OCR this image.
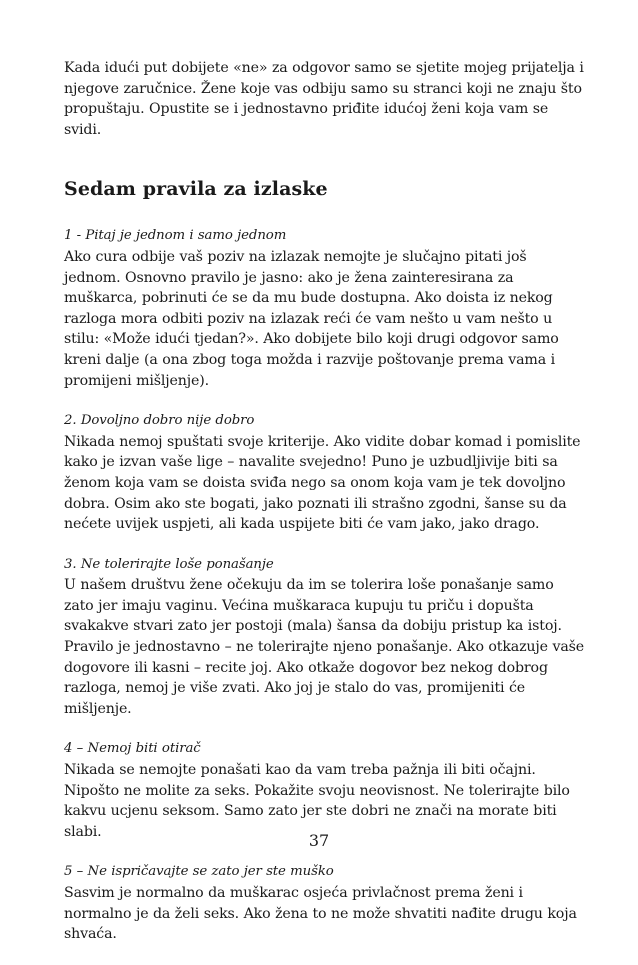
Kada idući put dobijete «ne» za odgovor samo se sjetite mojeg prijatelja i njegove zaručnice. Žene koje vas odbiju samo su stranci koji ne znaju što propuštaju. Opustite se i jednostavno priđite idućoj ženi koja vam se svidi.

Sedam pravila za izlaske

1 - Pitaj je jednom i samo jednom

Ako cura odbije vaš poziv na izlazak nemojte je slučajno pitati još jednom. Osnovno pravilo je jasno: ako je žena zainteresirana za muškarca, pobrinuti će se da mu bude dostupna. Ako doista iz nekog razloga mora odbiti poziv na izlazak reći će vam nešto u vam nešto u stilu: «Može idući tjedan?». Ako dobijete bilo koji drugi odgovor samo kreni dalje (a ona zbog toga možda i razvije poštovanje prema vama i promijeni mišljenje).

2. Dovoljno dobro nije dobro

Nikada nemoj spuštati svoje kriterije. Ako vidite dobar komad i pomislite kako je izvan vaše lige – navalite svejedno! Puno je uzbudljivije biti sa ženom koja vam se doista sviđa nego sa onom koja vam je tek dovoljno dobra. Osim ako ste bogati, jako poznati ili strašno zgodni, šanse su da nećete uvijek uspjeti, ali kada uspijete biti će vam jako, jako drago.

3. Ne tolerirajte loše ponašanje

U našem društvu žene očekuju da im se tolerira loše ponašanje samo zato jer imaju vaginu. Većina muškaraca kupuju tu priču i dopušta svakakve stvari zato jer postoji (mala) šansa da dobiju pristup ka istoj. Pravilo je jednostavno – ne tolerirajte njeno ponašanje. Ako otkazuje vaše dogovore ili kasni – recite joj. Ako otkaže dogovor bez nekog dobrog razloga, nemoj je više zvati. Ako joj je stalo do vas, promijeniti će mišljenje.

4 – Nemoj biti otirač

Nikada se nemojte ponašati kao da vam treba pažnja ili biti očajni. Nipošto ne molite za seks. Pokažite svoju neovisnost. Ne tolerirajte bilo kakvu ucjenu seksom. Samo zato jer ste dobri ne znači na morate biti slabi.

5 – Ne ispričavajte se zato jer ste muško

Sasvim je normalno da muškarac osjeća privlačnost prema ženi i normalno je da želi seks. Ako žena to ne može shvatiti nađite drugu koja shvaća.

37
